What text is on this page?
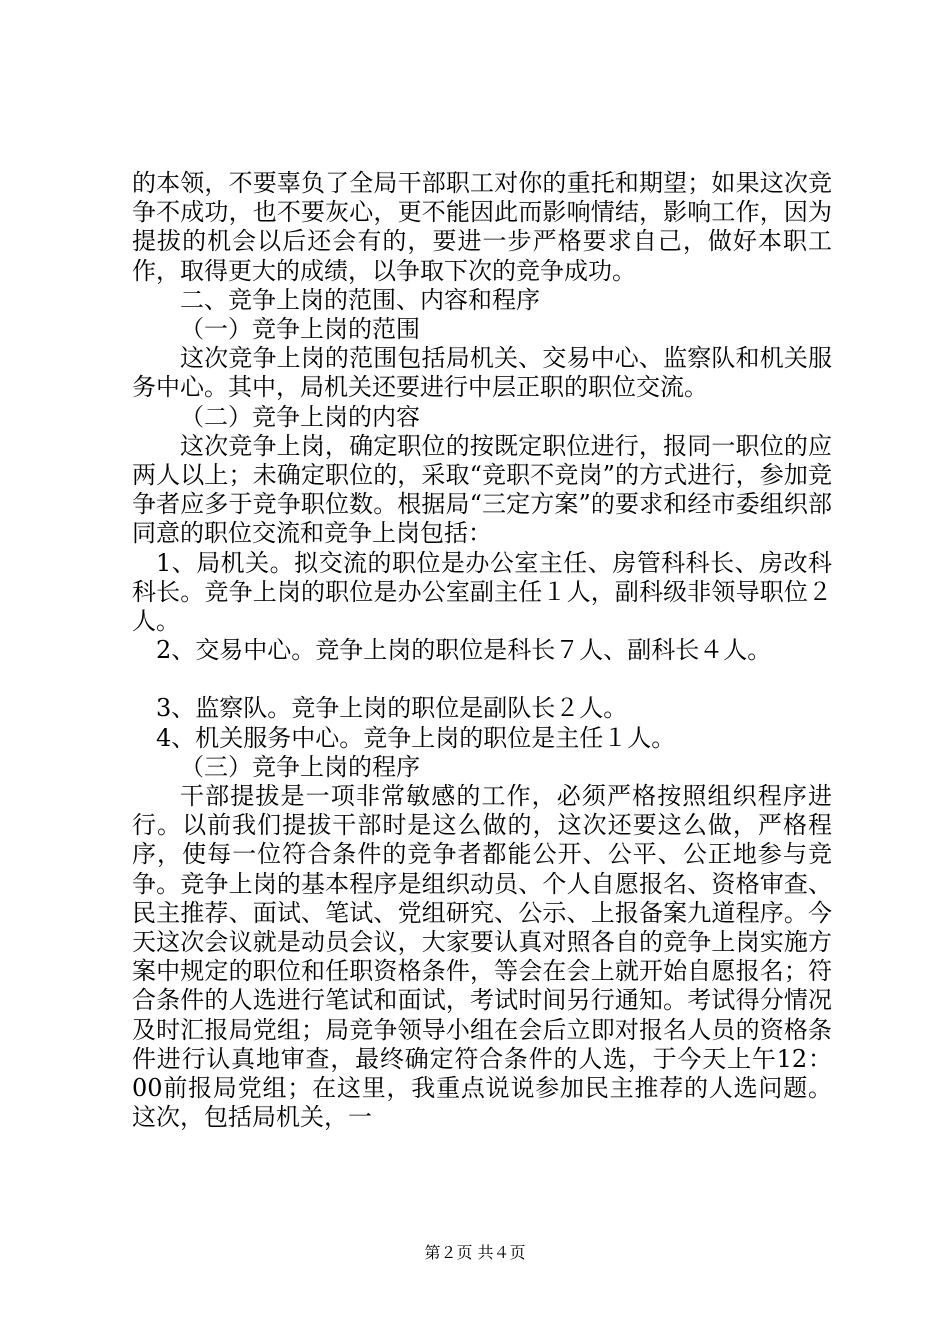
的本领，不要辜负了全局干部职工对你的重托和期望；如果这次竞争不成功，也不要灰心，更不能因此而影响情结，影响工作，因为提拔的机会以后还会有的，要进一步严格要求自己，做好本职工作，取得更大的成绩，以争取下次的竞争成功。

二、竞争上岗的范围、内容和程序

（一）竞争上岗的范围

这次竞争上岗的范围包括局机关、交易中心、监察队和机关服务中心。其中，局机关还要进行中层正职的职位交流。

（二）竞争上岗的内容

这次竞争上岗，确定职位的按既定职位进行，报同一职位的应两人以上；未确定职位的，采取“竞职不竞岗”的方式进行，参加竞争者应多于竞争职位数。根据局“三定方案”的要求和经市委组织部同意的职位交流和竞争上岗包括：

1、局机关。拟交流的职位是办公室主任、房管科科长、房改科科长。竞争上岗的职位是办公室副主任１人，副科级非领导职位２人。

2、交易中心。竞争上岗的职位是科长７人、副科长４人。

3、监察队。竞争上岗的职位是副队长２人。

4、机关服务中心。竞争上岗的职位是主任１人。

（三）竞争上岗的程序

干部提拔是一项非常敏感的工作，必须严格按照组织程序进行。以前我们提拔干部时是这么做的，这次还要这么做，严格程序，使每一位符合条件的竞争者都能公开、公平、公正地参与竞争。竞争上岗的基本程序是组织动员、个人自愿报名、资格审查、民主推荐、面试、笔试、党组研究、公示、上报备案九道程序。今天这次会议就是动员会议，大家要认真对照各自的竞争上岗实施方案中规定的职位和任职资格条件，等会在会上就开始自愿报名；符合条件的人选进行笔试和面试，考试时间另行通知。考试得分情况及时汇报局党组；局竞争领导小组在会后立即对报名人员的资格条件进行认真地审查，最终确定符合条件的人选，于今天上午12：00前报局党组；在这里，我重点说说参加民主推荐的人选问题。这次，包括局机关，一

第２页 共４页
